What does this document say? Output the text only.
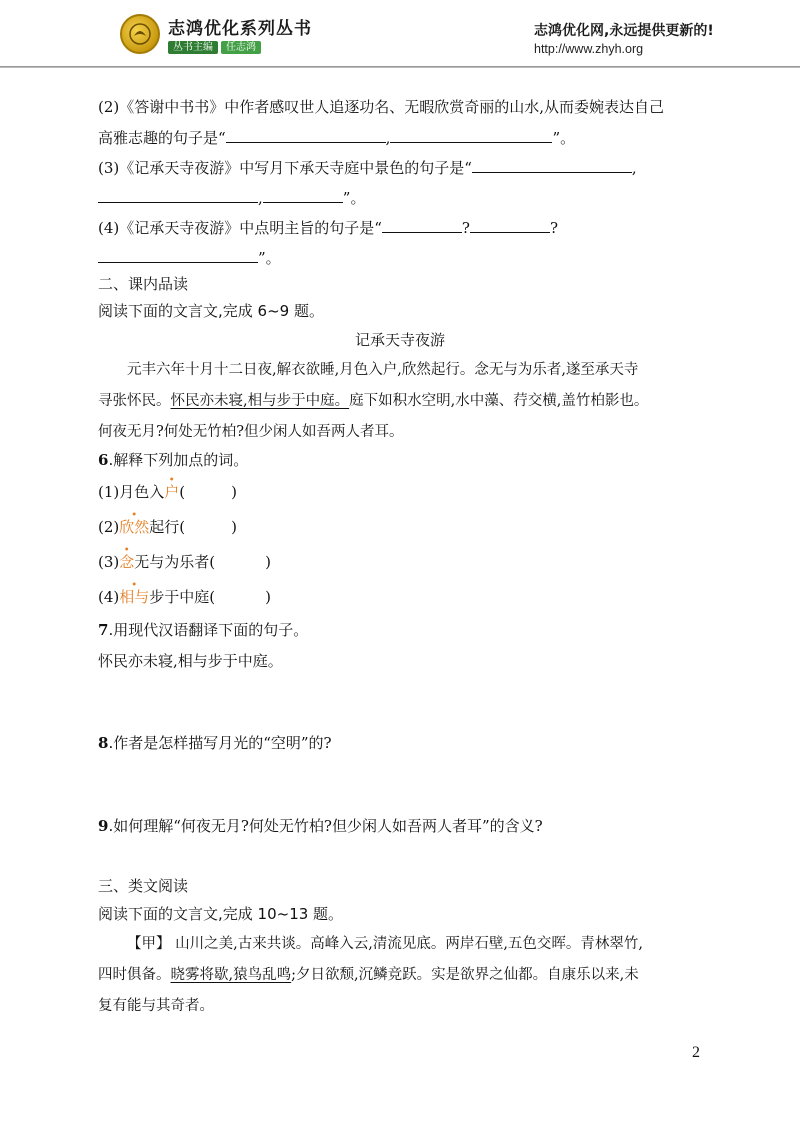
志鸿优化系列丛书
丛书主编 任志鸿
志鸿优化网,永远提供更新的!
http://www.zhyh.org
(2)《答谢中书书》中作者感叹世人追逐功名、无暇欣赏奇丽的山水,从而委婉表达自己
高雅志趣的句子是“	,	”。
(3)《记承天寺夜游》中写月下承天寺庭中景色的句子是“	,
,	”。
(4)《记承天寺夜游》中点明主旨的句子是“	?	?
”。
二、课内品读
阅读下面的文言文,完成 6~9 题。
记承天寺夜游
元丰六年十月十二日夜,解衣欲睡,月色入户,欣然起行。念无与为乐者,遂至承天寺
寻张怀民。怀民亦未寝,相与步于中庭。庭下如积水空明,水中藻、荇交横,盖竹柏影也。
何夜无月?何处无竹柏?但少闲人如吾两人者耳。
6.解释下列加点的词。
(1)月色入户(	)
(2)欣然起行(	)
(3)念无与为乐者(	)
(4)相与步于中庭(	)
7.用现代汉语翻译下面的句子。
怀民亦未寝,相与步于中庭。
8.作者是怎样描写月光的“空明”的?
9.如何理解“何夜无月?何处无竹柏?但少闲人如吾两人者耳”的含义?
三、类文阅读
阅读下面的文言文,完成 10~13 题。
【甲】 山川之美,古来共谈。高峰入云,清流见底。两岸石壁,五色交晖。青林翠竹,
四时俱备。晓雾将歇,猿鸟乱鸣;夕日欲颓,沉鳞竞跃。实是欲界之仙都。自康乐以来,未
复有能与其奇者。
2
